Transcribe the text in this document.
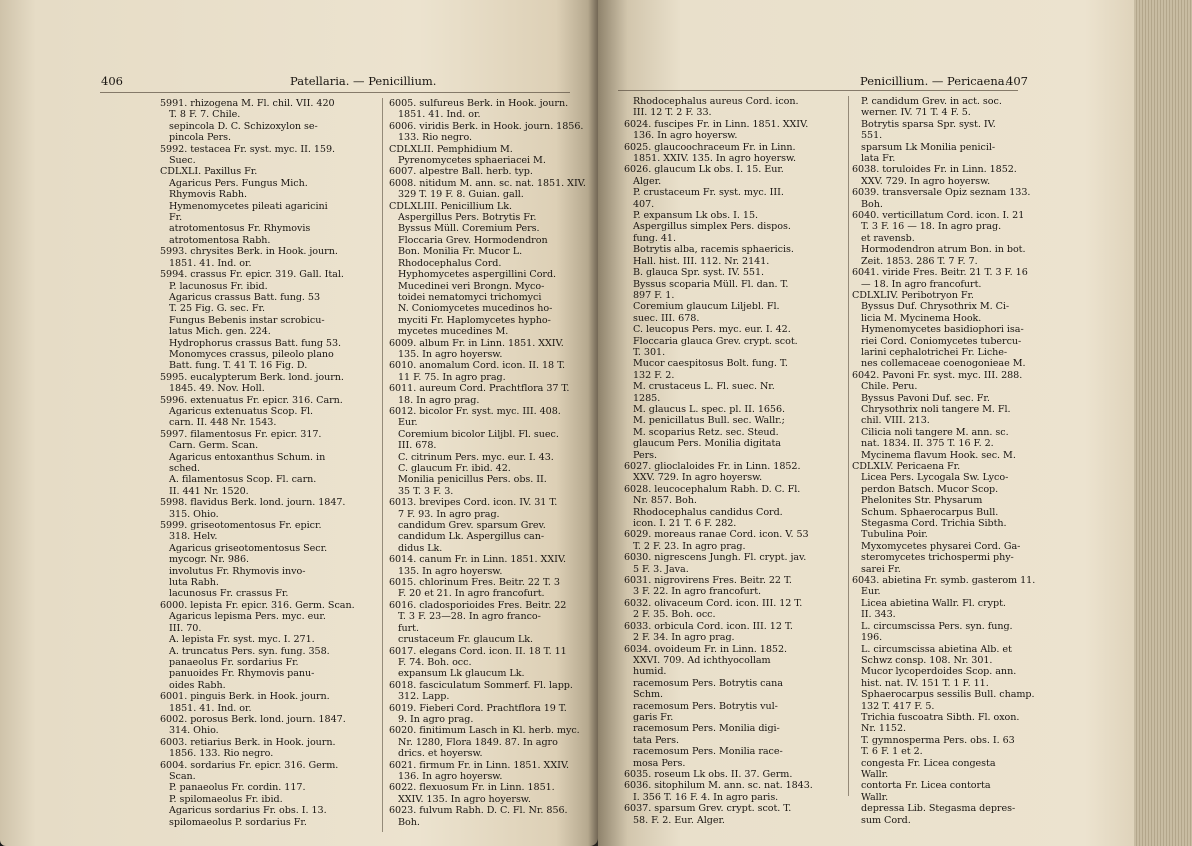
406	Patellaria. — Penicillium.
5991. rhizogena M. Fl. chil. VII. 420
T. 8 F. 7. Chile.
sepincola D. C. Schizoxylon se-
pincola Pers.
5992. testacea Fr. syst. myc. II. 159.
Suec.
CDLXLI. Paxillus Fr.
Agaricus Pers. Fungus Mich.
Rhymovis Rabh.
Hymenomycetes pileati agaricini
Fr.
atrotomentosus Fr. Rhymovis
atrotomentosa Rabh.
5993. chrysites Berk. in Hook. journ.
1851. 41. Ind. or.
5994. crassus Fr. epicr. 319. Gall. Ital.
P. lacunosus Fr. ibid.
Agaricus crassus Batt. fung. 53
T. 25 Fig. G. sec. Fr.
Fungus Bebenis instar scrobicu-
latus Mich. gen. 224.
Hydrophorus crassus Batt. fung 53.
Monomyces crassus, pileolo plano
Batt. fung. T. 41 T. 16 Fig. D.
5995. eucalypterum Berk. lond. journ.
1845. 49. Nov. Holl.
5996. extenuatus Fr. epicr. 316. Carn.
Agaricus extenuatus Scop. Fl.
carn. II. 448 Nr. 1543.
5997. filamentosus Fr. epicr. 317.
Carn. Germ. Scan.
Agaricus entoxanthus Schum. in
sched.
A. filamentosus Scop. Fl. carn.
II. 441 Nr. 1520.
5998. flavidus Berk. lond. journ. 1847.
315. Ohio.
5999. griseotomentosus Fr. epicr.
318. Helv.
Agaricus griseotomentosus Secr.
mycogr. Nr. 986.
involutus Fr. Rhymovis invo-
luta Rabh.
lacunosus Fr. crassus Fr.
6000. lepista Fr. epicr. 316. Germ. Scan.
Agaricus lepisma Pers. myc. eur.
III. 70.
A. lepista Fr. syst. myc. I. 271.
A. truncatus Pers. syn. fung. 358.
panaeolus Fr. sordarius Fr.
panuoides Fr. Rhymovis panu-
oides Rabh.
6001. pinguis Berk. in Hook. journ.
1851. 41. Ind. or.
6002. porosus Berk. lond. journ. 1847.
314. Ohio.
6003. retiarius Berk. in Hook. journ.
1856. 133. Rio negro.
6004. sordarius Fr. epicr. 316. Germ.
Scan.
P. panaeolus Fr. cordin. 117.
P. spilomaeolus Fr. ibid.
Agaricus sordarius Fr. obs. I. 13.
spilomaeolus P. sordarius Fr.
6005. sulfureus Berk. in Hook. journ.
1851. 41. Ind. or.
6006. viridis Berk. in Hook. journ. 1856.
133. Rio negro.
CDLXLII. Pemphidium M.
Pyrenomycetes sphaeriacei M.
6007. alpestre Ball. herb. typ.
6008. nitidum M. ann. sc. nat. 1851. XIV.
329 T. 19 F. 8. Guian. gall.
CDLXLIII. Penicillium Lk.
Aspergillus Pers. Botrytis Fr.
Byssus Müll. Coremium Pers.
Floccaria Grev. Hormodendron
Bon. Monilia Fr. Mucor L.
Rhodocephalus Cord.
Hyphomycetes aspergillini Cord.
Mucedinei veri Brongn. Myco-
toidei nematomyci trichomyci
N. Coniomycetes mucedinos ho-
myciti Fr. Haplomycetes hypho-
mycetes mucedines M.
6009. album Fr. in Linn. 1851. XXIV.
135. In agro hoyersw.
6010. anomalum Cord. icon. II. 18 T.
11 F. 75. In agro prag.
6011. aureum Cord. Prachtflora 37 T.
18. In agro prag.
6012. bicolor Fr. syst. myc. III. 408.
Eur.
Coremium bicolor Liljbl. Fl. suec.
III. 678.
C. citrinum Pers. myc. eur. I. 43.
C. glaucum Fr. ibid. 42.
Monilia penicillus Pers. obs. II.
35 T. 3 F. 3.
6013. brevipes Cord. icon. IV. 31 T.
7 F. 93. In agro prag.
candidum Grev. sparsum Grev.
candidum Lk. Aspergillus can-
didus Lk.
6014. canum Fr. in Linn. 1851. XXIV.
135. In agro hoyersw.
6015. chlorinum Fres. Beitr. 22 T. 3
F. 20 et 21. In agro francofurt.
6016. cladosporioides Fres. Beitr. 22
T. 3 F. 23—28. In agro franco-
furt.
crustaceum Fr. glaucum Lk.
6017. elegans Cord. icon. II. 18 T. 11
F. 74. Boh. occ.
expansum Lk glaucum Lk.
6018. fasciculatum Sommerf. Fl. lapp.
312. Lapp.
6019. Fieberi Cord. Prachtflora 19 T.
9. In agro prag.
6020. finitimum Lasch in Kl. herb. myc.
Nr. 1280, Flora 1849. 87. In agro
drics. et hoyersw.
6021. firmum Fr. in Linn. 1851. XXIV.
136. In agro hoyersw.
6022. flexuosum Fr. in Linn. 1851.
XXIV. 135. In agro hoyersw.
6023. fulvum Rabh. D. C. Fl. Nr. 856.
Boh.
Penicillium. — Pericaena.
407
Rhodocephalus aureus Cord. icon.
III. 12 T. 2 F. 33.
6024. fuscipes Fr. in Linn. 1851. XXIV.
136. In agro hoyersw.
6025. glaucoochraceum Fr. in Linn.
1851. XXIV. 135. In agro hoyersw.
6026. glaucum Lk obs. I. 15. Eur.
Alger.
P. crustaceum Fr. syst. myc. III.
407.
P. expansum Lk obs. I. 15.
Aspergillus simplex Pers. dispos.
fung. 41.
Botrytis alba, racemis sphaericis.
Hall. hist. III. 112. Nr. 2141.
B. glauca Spr. syst. IV. 551.
Byssus scoparia Müll. Fl. dan. T.
897 F. 1.
Coremium glaucum Liljebl. Fl.
suec. III. 678.
C. leucopus Pers. myc. eur. I. 42.
Floccaria glauca Grev. crypt. scot.
T. 301.
Mucor caespitosus Bolt. fung. T.
132 F. 2.
M. crustaceus L. Fl. suec. Nr.
1285.
M. glaucus L. spec. pl. II. 1656.
M. penicillatus Bull. sec. Wallr.;
M. scoparius Retz. sec. Steud.
glaucum Pers. Monilia digitata
Pers.
6027. glioclaloides Fr. in Linn. 1852.
XXV. 729. In agro hoyersw.
6028. leucocephalum Rabh. D. C. Fl.
Nr. 857. Boh.
Rhodocephalus candidus Cord.
icon. I. 21 T. 6 F. 282.
6029. moreaus ranae Cord. icon. V. 53
T. 2 F. 23. In agro prag.
6030. nigrescens Jungh. Fl. crypt. jav.
5 F. 3. Java.
6031. nigrovirens Fres. Beitr. 22 T.
3 F. 22. In agro francofurt.
6032. olivaceum Cord. icon. III. 12 T.
2 F. 35. Boh. occ.
6033. orbicula Cord. icon. III. 12 T.
2 F. 34. In agro prag.
6034. ovoideum Fr. in Linn. 1852.
XXVI. 709. Ad ichthyocollam
humid.
racemosum Pers. Botrytis cana
Schm.
racemosum Pers. Botrytis vul-
garis Fr.
racemosum Pers. Monilia digi-
tata Pers.
racemosum Pers. Monilia race-
mosa Pers.
6035. roseum Lk obs. II. 37. Germ.
6036. sitophilum M. ann. sc. nat. 1843.
I. 356 T. 16 F. 4. In agro paris.
6037. sparsum Grev. crypt. scot. T.
58. F. 2. Eur. Alger.
P. candidum Grev. in act. soc.
werner. IV. 71 T. 4 F. 5.
Botrytis sparsa Spr. syst. IV.
551.
sparsum Lk Monilia penicil-
lata Fr.
6038. toruloides Fr. in Linn. 1852.
XXV. 729. In agro hoyersw.
6039. transversale Opiz seznam 133.
Boh.
6040. verticillatum Cord. icon. I. 21
T. 3 F. 16 — 18. In agro prag.
et ravensb.
Hormodendron atrum Bon. in bot.
Zeit. 1853. 286 T. 7 F. 7.
6041. viride Fres. Beitr. 21 T. 3 F. 16
— 18. In agro francofurt.
CDLXLIV. Peribotryon Fr.
Byssus Duf. Chrysothrix M. Ci-
licia M. Mycinema Hook.
Hymenomycetes basidiophori isa-
riei Cord. Coniomycetes tubercu-
larini cephalotrichei Fr. Lichе-
nes collemaceae coenogonieae M.
6042. Pavoni Fr. syst. myc. III. 288.
Chile. Peru.
Byssus Pavoni Duf. sec. Fr.
Chrysothrix noli tangere M. Fl.
chil. VIII. 213.
Cilicia noli tangere M. ann. sc.
nat. 1834. II. 375 T. 16 F. 2.
Mycinema flavum Hook. sec. M.
CDLXLV. Pericaena Fr.
Licea Pers. Lycogala Sw. Lyco-
perdon Batsch. Mucor Scop.
Phelonites Str. Physarum
Schum. Sphaerocarpus Bull.
Stegasma Cord. Trichia Sibth.
Tubulina Poir.
Myxomycetes physarei Cord. Ga-
steromycetes trichospermi phy-
sarei Fr.
6043. abietina Fr. symb. gasterom 11.
Eur.
Licea abietina Wallr. Fl. crypt.
II. 343.
L. circumscissa Pers. syn. fung.
196.
L. circumscissa abietina Alb. et
Schwz consp. 108. Nr. 301.
Mucor lycoperdoides Scop. ann.
hist. nat. IV. 151 T. 1 F. 11.
Sphaerocarpus sessilis Bull. champ.
132 T. 417 F. 5.
Trichia fuscoatra Sibth. Fl. oxon.
Nr. 1152.
T. gymnosperma Pers. obs. I. 63
T. 6 F. 1 et 2.
congesta Fr. Licea congesta
Wallr.
contorta Fr. Licea contorta
Wallr.
depressa Lib. Stegasma depres-
sum Cord.
